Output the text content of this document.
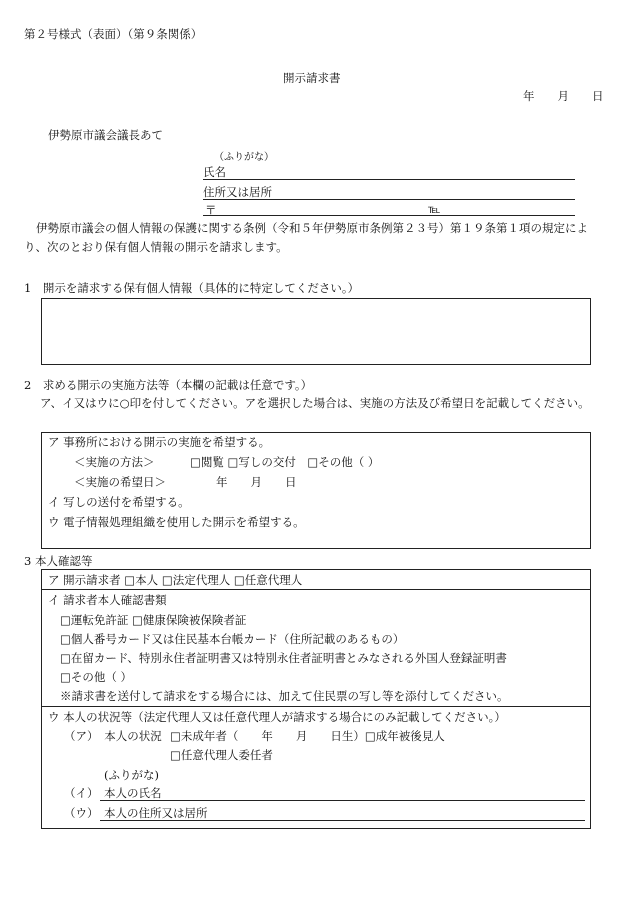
第２号様式（表面）（第９条関係）
開示請求書
年　　月　　日
伊勢原市議会議長あて
（ふりがな）
氏名
住所又は居所
〒	℡
伊勢原市議会の個人情報の保護に関する条例（令和５年伊勢原市条例第２３号）第１９条第１項の規定により、次のとおり保有個人情報の開示を請求します。
1　開示を請求する保有個人情報（具体的に特定してください。）
2　求める開示の実施方法等（本欄の記載は任意です。）
ア、イ又はウに○印を付してください。アを選択した場合は、実施の方法及び希望日を記載してください。
ア 事務所における開示の実施を希望する。
＜実施の方法＞	□閲覧 □写しの交付　□その他（ ）
＜実施の希望日＞	年　　月　　日
イ 写しの送付を希望する。
ウ 電子情報処理組織を使用した開示を希望する。
3 本人確認等
ア 開示請求者 □本人 □法定代理人 □任意代理人
イ 請求者本人確認書類
□運転免許証 □健康保険被保険者証
□個人番号カード又は住民基本台帳カード（住所記載のあるもの）
□在留カード、特別永住者証明書又は特別永住者証明書とみなされる外国人登録証明書
□その他（ ）
※請求書を送付して請求をする場合には、加えて住民票の写し等を添付してください。
ウ 本人の状況等（法定代理人又は任意代理人が請求する場合にのみ記載してください。）
（ア）　本人の状況 □未成年者（　　年　　月　　日生）□成年被後見人
□任意代理人委任者
(ふりがな)
（イ） 本人の氏名
（ウ） 本人の住所又は居所
